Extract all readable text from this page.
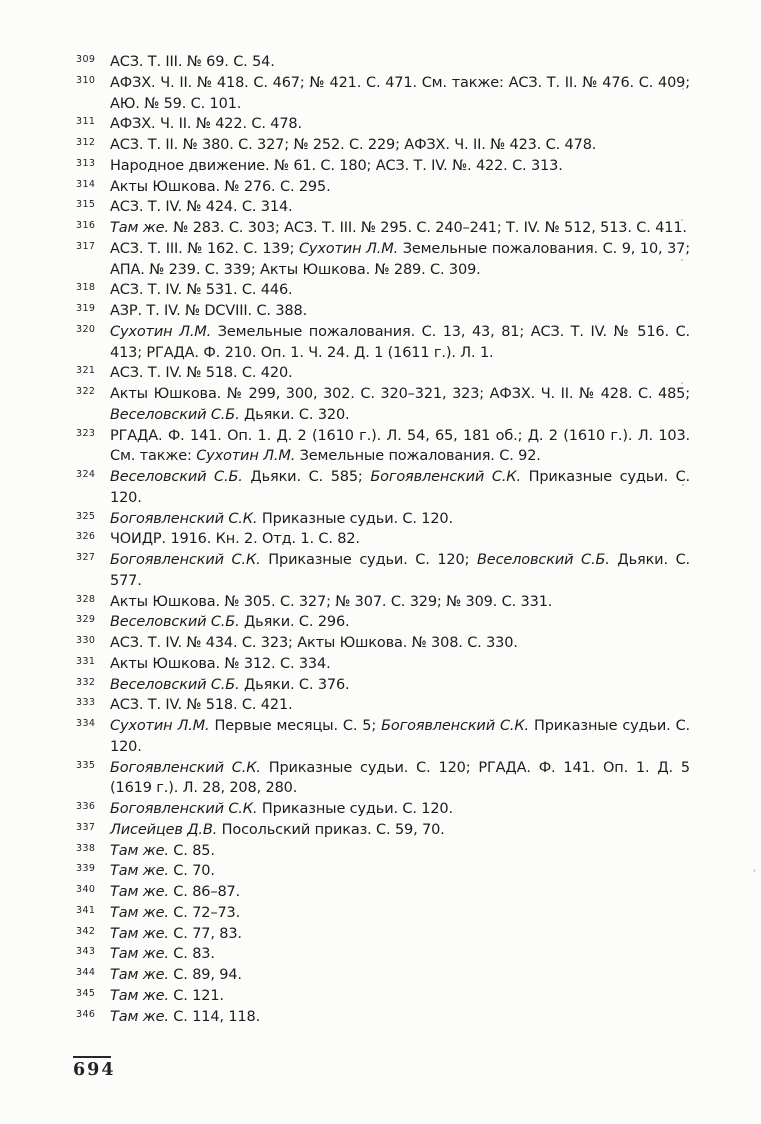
309 АСЗ. Т. III. № 69. С. 54.
310 АФЗХ. Ч. II. № 418. С. 467; № 421. С. 471. См. также: АСЗ. Т. II. № 476. С. 409; АЮ. № 59. С. 101.
311 АФЗХ. Ч. II. № 422. С. 478.
312 АСЗ. Т. II. № 380. С. 327; № 252. С. 229; АФЗХ. Ч. II. № 423. С. 478.
313 Народное движение. № 61. С. 180; АСЗ. Т. IV. №. 422. С. 313.
314 Акты Юшкова. № 276. С. 295.
315 АСЗ. Т. IV. № 424. С. 314.
316 Там же. № 283. С. 303; АСЗ. Т. III. № 295. С. 240–241; Т. IV. № 512, 513. С. 411.
317 АСЗ. Т. III. № 162. С. 139; Сухотин Л.М. Земельные пожалования. С. 9, 10, 37; АПА. № 239. С. 339; Акты Юшкова. № 289. С. 309.
318 АСЗ. Т. IV. № 531. С. 446.
319 АЗР. Т. IV. № DCVIII. С. 388.
320 Сухотин Л.М. Земельные пожалования. С. 13, 43, 81; АСЗ. Т. IV. № 516. С. 413; РГАДА. Ф. 210. Оп. 1. Ч. 24. Д. 1 (1611 г.). Л. 1.
321 АСЗ. Т. IV. № 518. С. 420.
322 Акты Юшкова. № 299, 300, 302. С. 320–321, 323; АФЗХ. Ч. II. № 428. С. 485; Веселовский С.Б. Дьяки. С. 320.
323 РГАДА. Ф. 141. Оп. 1. Д. 2 (1610 г.). Л. 54, 65, 181 об.; Д. 2 (1610 г.). Л. 103. См. также: Сухотин Л.М. Земельные пожалования. С. 92.
324 Веселовский С.Б. Дьяки. С. 585; Богоявленский С.К. Приказные судьи. С. 120.
325 Богоявленский С.К. Приказные судьи. С. 120.
326 ЧОИДР. 1916. Кн. 2. Отд. 1. С. 82.
327 Богоявленский С.К. Приказные судьи. С. 120; Веселовский С.Б. Дьяки. С. 577.
328 Акты Юшкова. № 305. С. 327; № 307. С. 329; № 309. С. 331.
329 Веселовский С.Б. Дьяки. С. 296.
330 АСЗ. Т. IV. № 434. С. 323; Акты Юшкова. № 308. С. 330.
331 Акты Юшкова. № 312. С. 334.
332 Веселовский С.Б. Дьяки. С. 376.
333 АСЗ. Т. IV. № 518. С. 421.
334 Сухотин Л.М. Первые месяцы. С. 5; Богоявленский С.К. Приказные судьи. С. 120.
335 Богоявленский С.К. Приказные судьи. С. 120; РГАДА. Ф. 141. Оп. 1. Д. 5 (1619 г.). Л. 28, 208, 280.
336 Богоявленский С.К. Приказные судьи. С. 120.
337 Лисейцев Д.В. Посольский приказ. С. 59, 70.
338 Там же. С. 85.
339 Там же. С. 70.
340 Там же. С. 86–87.
341 Там же. С. 72–73.
342 Там же. С. 77, 83.
343 Там же. С. 83.
344 Там же. С. 89, 94.
345 Там же. С. 121.
346 Там же. С. 114, 118.
694
